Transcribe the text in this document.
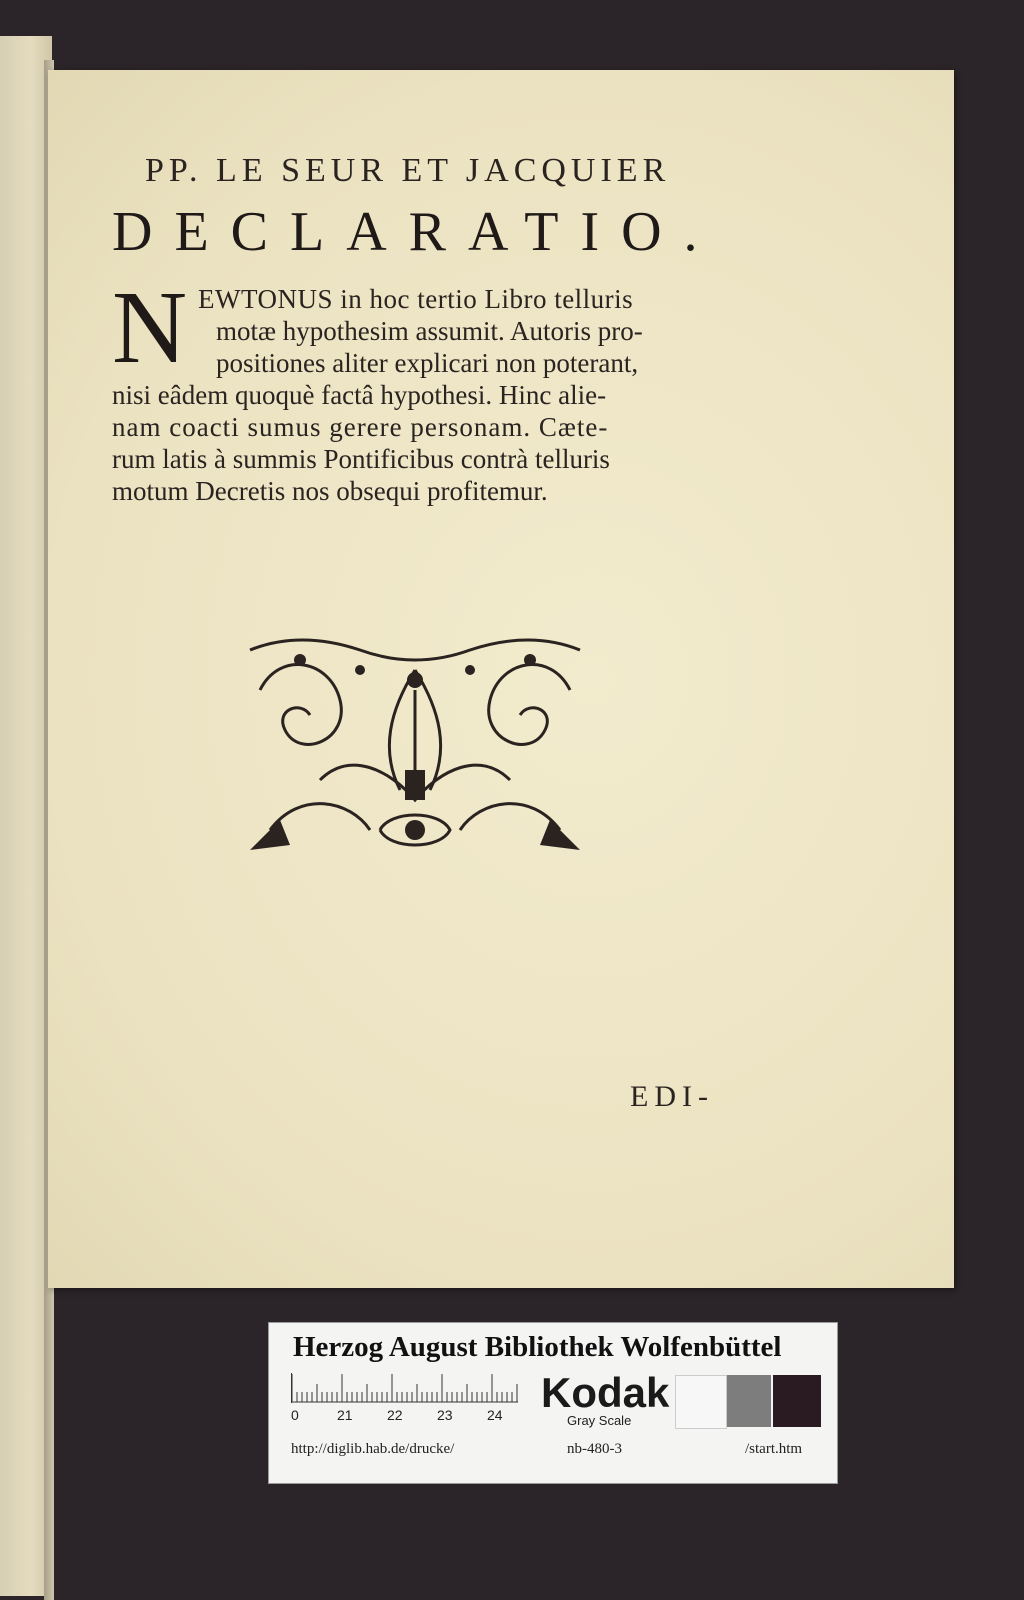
PP. LE SEUR ET JACQUIER
DECLARATIO.
N EWTONUS in hoc tertio Libro telluris
motæ hypothesim assumit. Autoris pro-
positiones aliter explicari non poterant,
nisi eâdem quoquè factâ hypothesi. Hinc alie-
nam coacti sumus gerere personam. Cæte-
rum latis à summis Pontificibus contrà telluris
motum Decretis nos obsequi profitemur.
EDI-
Herzog August Bibliothek Wolfenbüttel
0	21 22 23 24 Kodak
Gray Scale
http://diglib.hab.de/drucke/	nb-480-3	/start.htm
